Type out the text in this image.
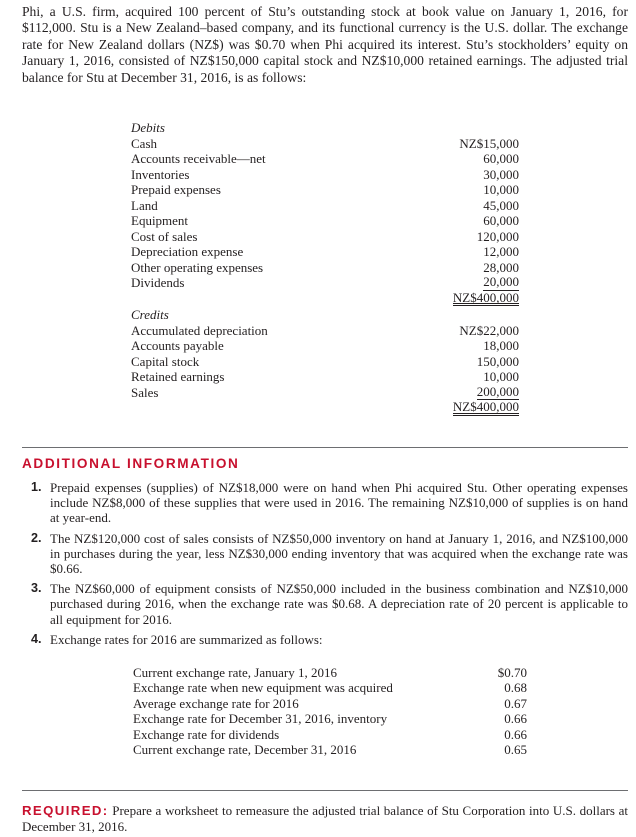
Phi, a U.S. firm, acquired 100 percent of Stu’s outstanding stock at book value on January 1, 2016, for $112,000. Stu is a New Zealand–based company, and its functional currency is the U.S. dollar. The exchange rate for New Zealand dollars (NZ$) was $0.70 when Phi acquired its interest. Stu’s stockholders’ equity on January 1, 2016, consisted of NZ$150,000 capital stock and NZ$10,000 retained earnings. The adjusted trial balance for Stu at December 31, 2016, is as follows:

Debits
Cash	NZ$15,000
Accounts receivable—net	60,000
Inventories	30,000
Prepaid expenses	10,000
Land	45,000
Equipment	60,000
Cost of sales	120,000
Depreciation expense	12,000
Other operating expenses	28,000
Dividends	20,000
NZ$400,000
Credits
Accumulated depreciation	NZ$22,000
Accounts payable	18,000
Capital stock	150,000
Retained earnings	10,000
Sales	200,000
NZ$400,000
ADDITIONAL INFORMATION
1. Prepaid expenses (supplies) of NZ$18,000 were on hand when Phi acquired Stu. Other operating expenses include NZ$8,000 of these supplies that were used in 2016. The remaining NZ$10,000 of supplies is on hand at year-end.
2. The NZ$120,000 cost of sales consists of NZ$50,000 inventory on hand at January 1, 2016, and NZ$100,000 in purchases during the year, less NZ$30,000 ending inventory that was acquired when the exchange rate was $0.66.
3. The NZ$60,000 of equipment consists of NZ$50,000 included in the business combination and NZ$10,000 purchased during 2016, when the exchange rate was $0.68. A depreciation rate of 20 percent is applicable to all equipment for 2016.
4. Exchange rates for 2016 are summarized as follows:
Current exchange rate, January 1, 2016	$0.70
Exchange rate when new equipment was acquired	0.68
Average exchange rate for 2016	0.67
Exchange rate for December 31, 2016, inventory	0.66
Exchange rate for dividends	0.66
Current exchange rate, December 31, 2016	0.65
REQUIRED: Prepare a worksheet to remeasure the adjusted trial balance of Stu Corporation into U.S. dollars at December 31, 2016.
